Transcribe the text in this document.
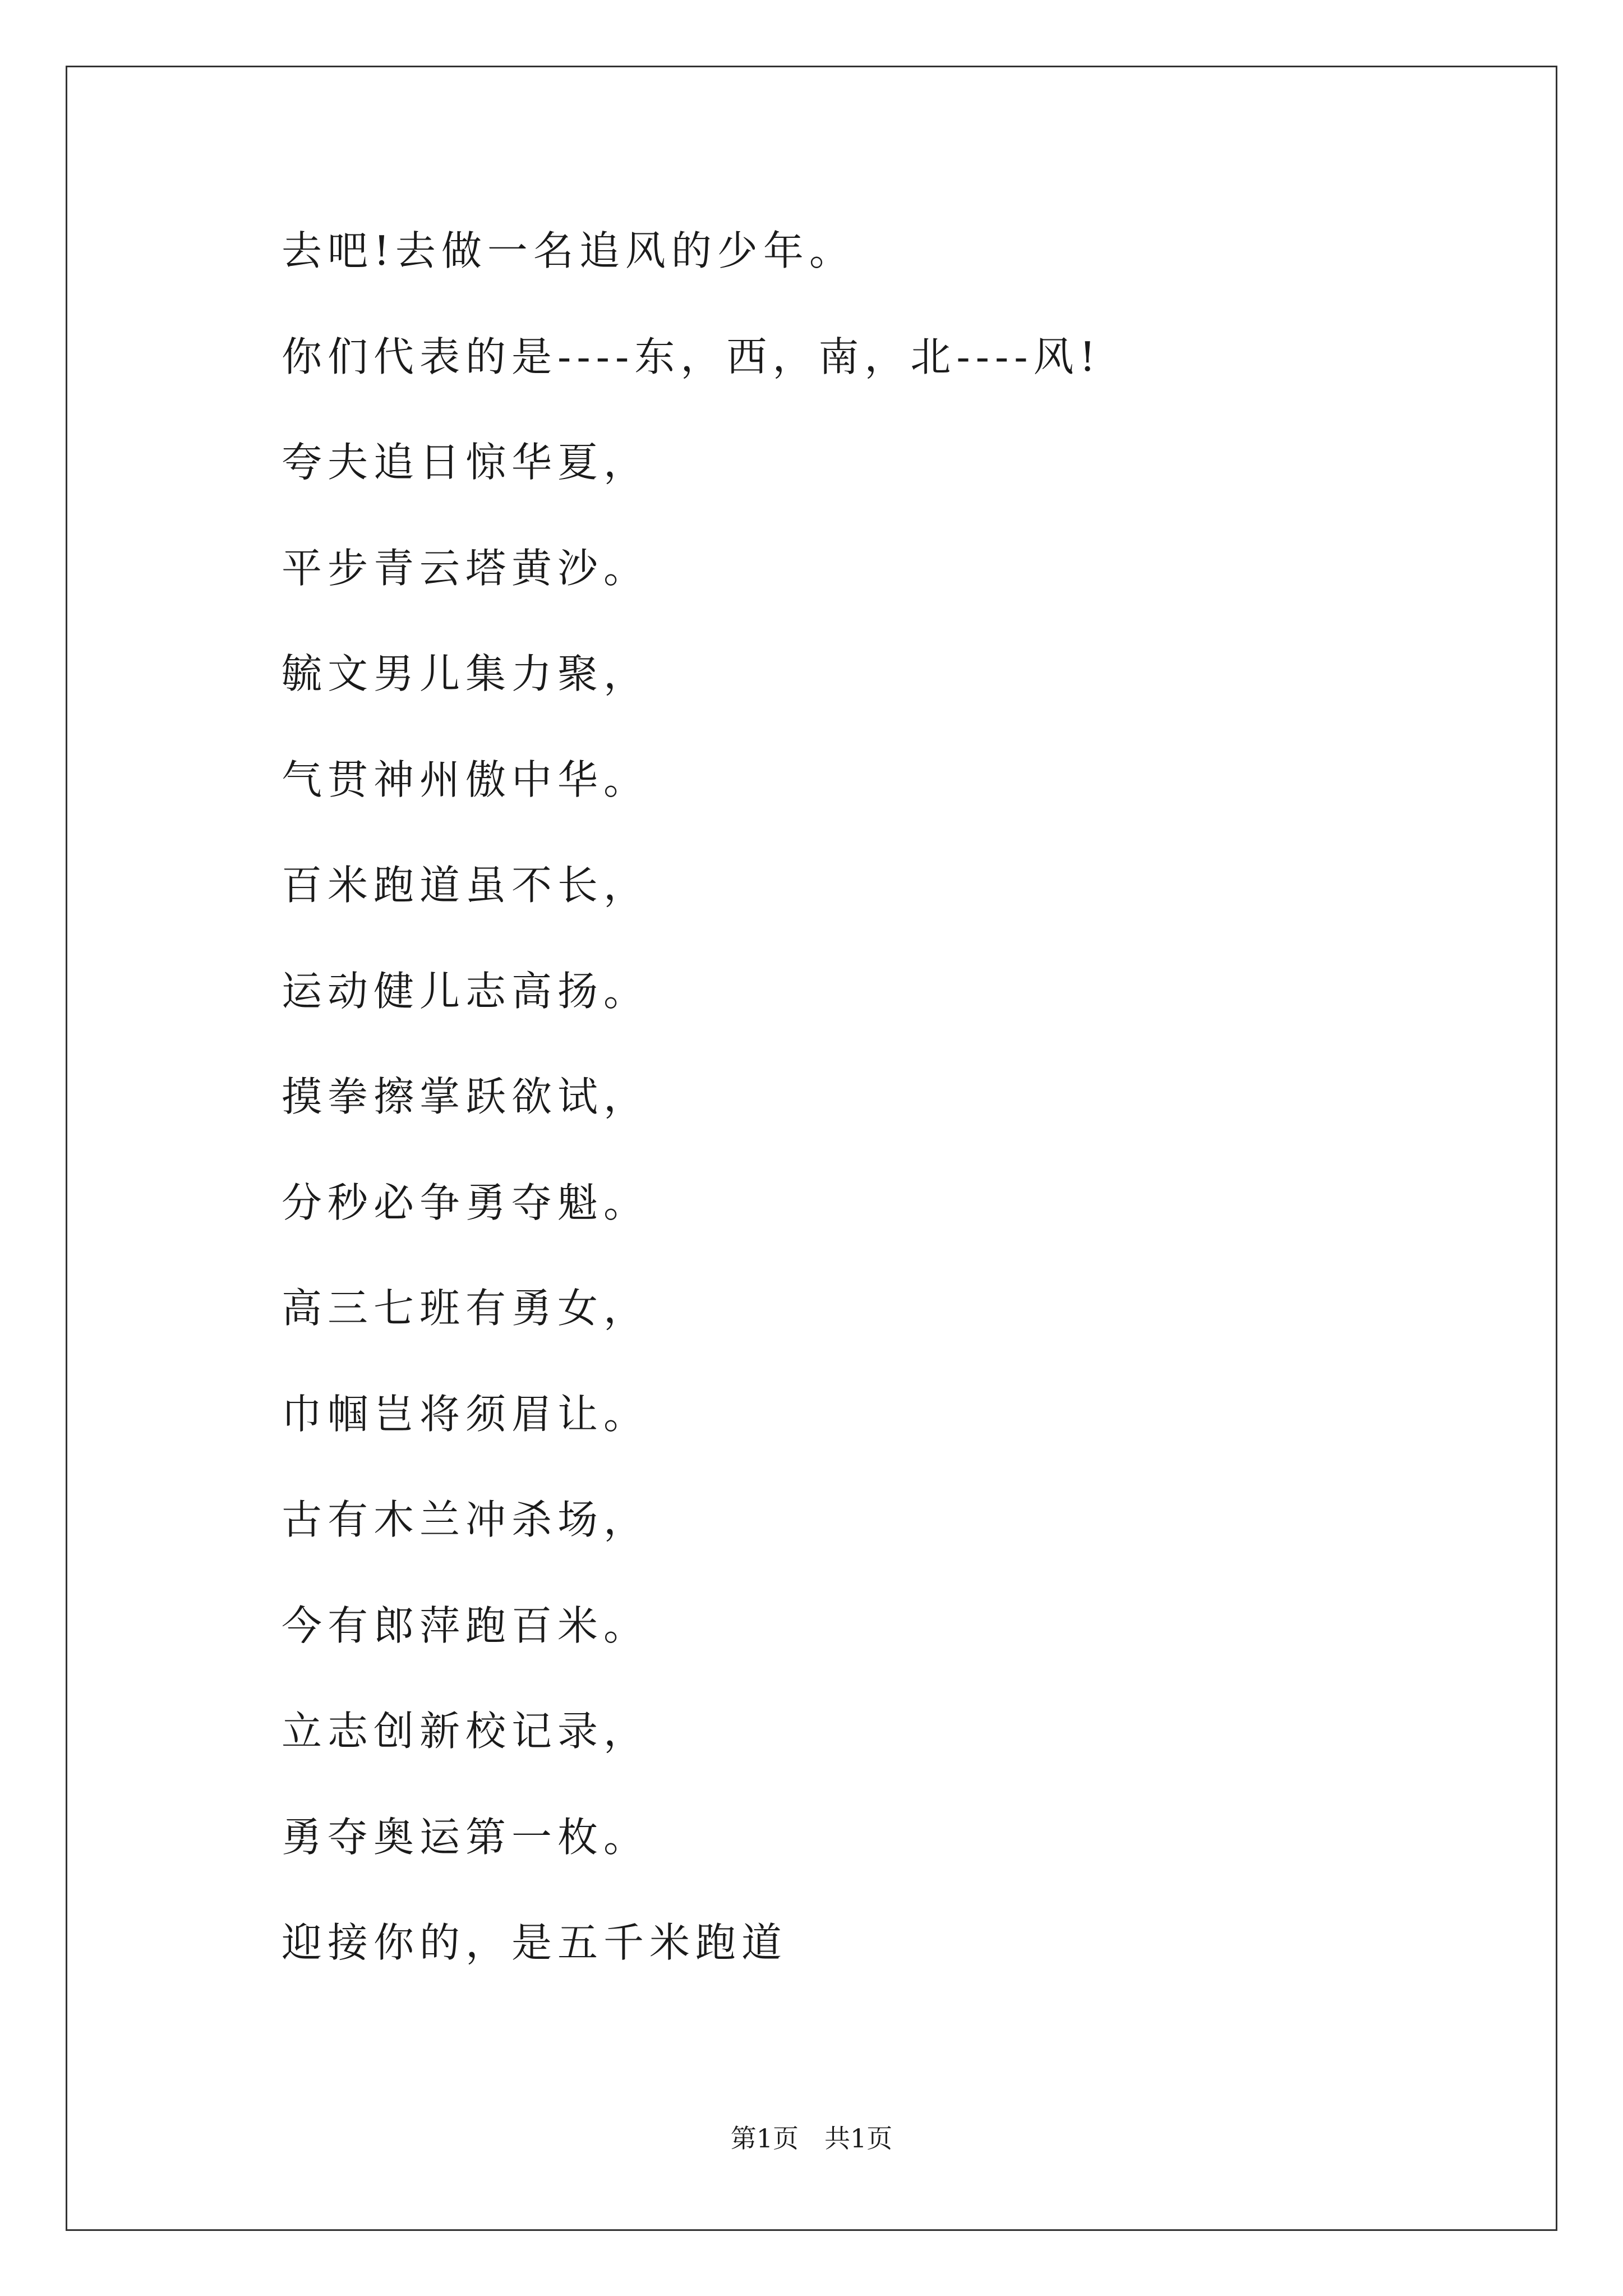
去吧!去做一名追风的少年。
你们代表的是----东，西，南，北----风!
夸夫追日惊华夏，
平步青云塔黄沙。
毓文男儿集力聚，
气贯神州傲中华。
百米跑道虽不长，
运动健儿志高扬。
摸拳擦掌跃欲试，
分秒必争勇夺魁。
高三七班有勇女，
巾帼岂将须眉让。
古有木兰冲杀场，
今有郎萍跑百米。
立志创新校记录，
勇夺奥运第一枚。
迎接你的，是五千米跑道
第1页 共1页
